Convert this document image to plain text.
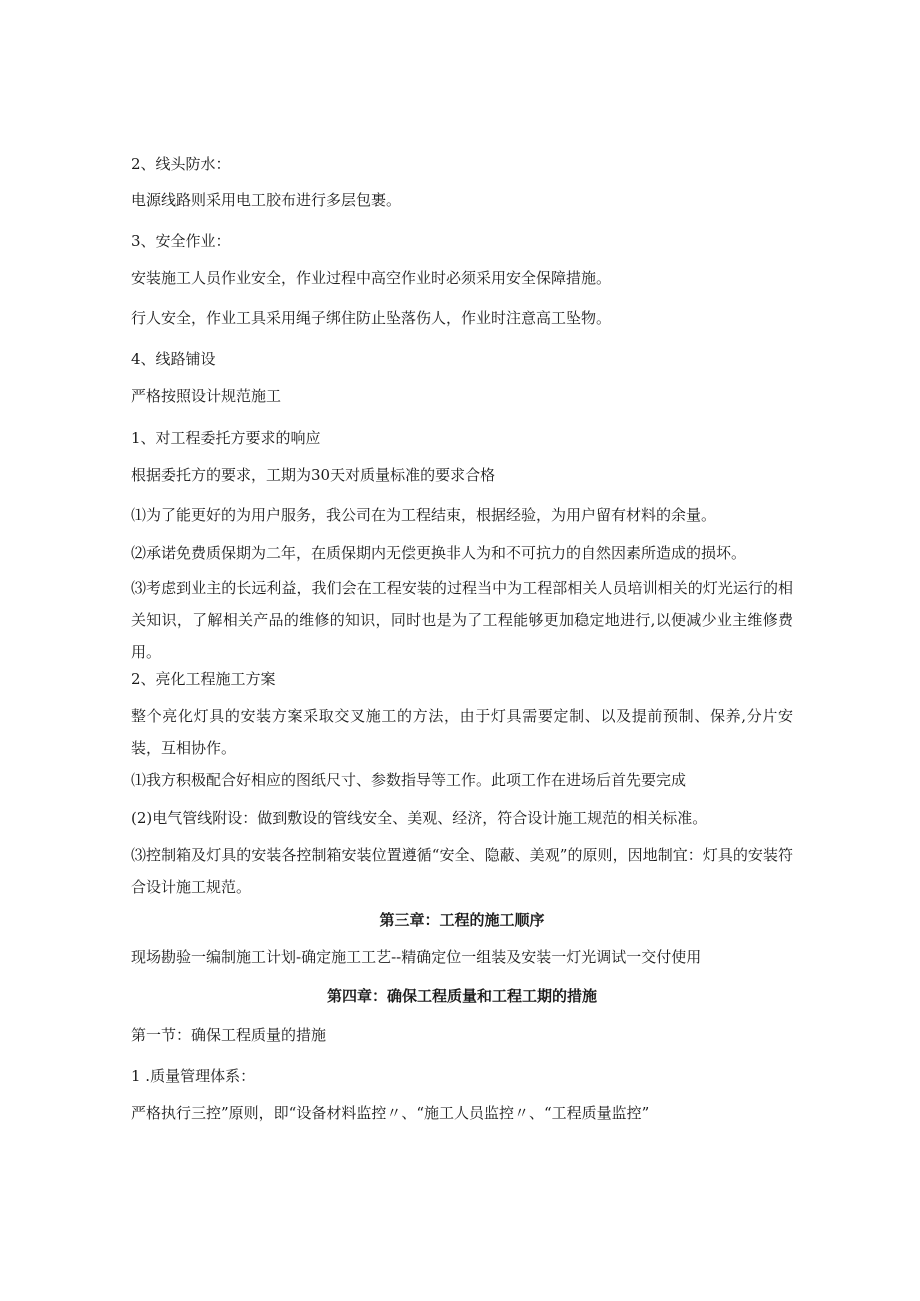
2、线头防水：

电源线路则采用电工胶布进行多层包裹。

3、安全作业：

安装施工人员作业安全，作业过程中高空作业时必须采用安全保障措施。

行人安全，作业工具采用绳子绑住防止坠落伤人，作业时注意高工坠物。

4、线路铺设

严格按照设计规范施工

1、对工程委托方要求的响应

根据委托方的要求，工期为30天对质量标准的要求合格

⑴为了能更好的为用户服务，我公司在为工程结束，根据经验，为用户留有材料的余量。

⑵承诺免费质保期为二年，在质保期内无偿更换非人为和不可抗力的自然因素所造成的损坏。

⑶考虑到业主的长远利益，我们会在工程安装的过程当中为工程部相关人员培训相关的灯光运行的相关知识，了解相关产品的维修的知识，同时也是为了工程能够更加稳定地进行,以便减少业主维修费用。

2、亮化工程施工方案

整个亮化灯具的安装方案采取交叉施工的方法，由于灯具需要定制、以及提前预制、保养,分片安装，互相协作。

⑴我方积极配合好相应的图纸尺寸、参数指导等工作。此项工作在进场后首先要完成

(2)电气管线附设：做到敷设的管线安全、美观、经济，符合设计施工规范的相关标准。

⑶控制箱及灯具的安装各控制箱安装位置遵循“安全、隐蔽、美观”的原则，因地制宜：灯具的安装符合设计施工规范。

第三章：工程的施工顺序

现场勘验一编制施工计划-确定施工工艺--精确定位一组装及安装一灯光调试一交付使用

第四章：确保工程质量和工程工期的措施

第一节：确保工程质量的措施

1 .质量管理体系：

严格执行三控”原则，即“设备材料监控〃、“施工人员监控〃、“工程质量监控”
